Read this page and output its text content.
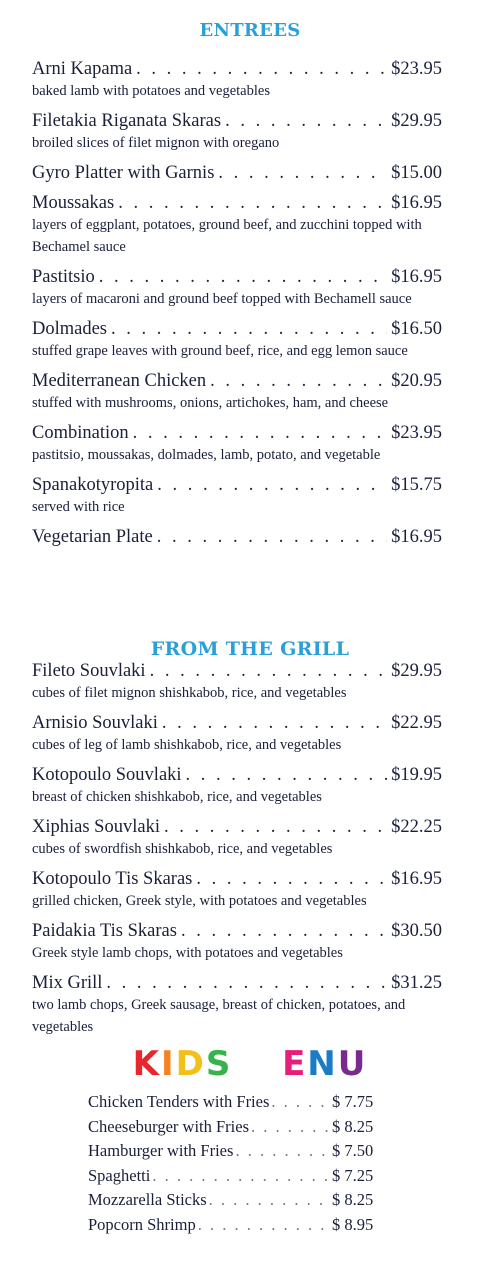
ENTREES
Arni Kapama . . .	$23.95
baked lamb with potatoes and vegetables
Filetakia Riganata Skaras . . .	$29.95
broiled slices of filet mignon with oregano
Gyro Platter with Garnis . . .	$15.00
Moussakas . . .	$16.95
layers of eggplant, potatoes, ground beef, and zucchini topped with Bechamel sauce
Pastitsio . . .	$16.95
layers of macaroni and ground beef topped with Bechamell sauce
Dolmades . . .	$16.50
stuffed grape leaves with ground beef, rice, and egg lemon sauce
Mediterranean Chicken . . .	$20.95
stuffed with mushrooms, onions, artichokes, ham, and cheese
Combination . . .	$23.95
pastitsio, moussakas, dolmades, lamb, potato, and vegetable
Spanakotyropita . . .	$15.75
served with rice
Vegetarian Plate . . .	$16.95
FROM THE GRILL
Fileto Souvlaki . . .	$29.95
cubes of filet mignon shishkabob, rice, and vegetables
Arnisio Souvlaki . . .	$22.95
cubes of leg of lamb shishkabob, rice, and vegetables
Kotopoulo Souvlaki . . .	$19.95
breast of chicken shishkabob, rice, and vegetables
Xiphias Souvlaki . . .	$22.25
cubes of swordfish shishkabob, rice, and vegetables
Kotopoulo Tis Skaras . . .	$16.95
grilled chicken, Greek style, with potatoes and vegetables
Paidakia Tis Skaras . . .	$30.50
Greek style lamb chops, with potatoes and vegetables
Mix Grill . . .	$31.25
two lamb chops, Greek sausage, breast of chicken, potatoes, and vegetables
KIDS MENU
Chicken Tenders with Fries . . .	$ 7.75
Cheeseburger with Fries . . .	$ 8.25
Hamburger with Fries . . .	$ 7.50
Spaghetti . . .	$ 7.25
Mozzarella Sticks . . .	$ 8.25
Popcorn Shrimp . . .	$ 8.95
